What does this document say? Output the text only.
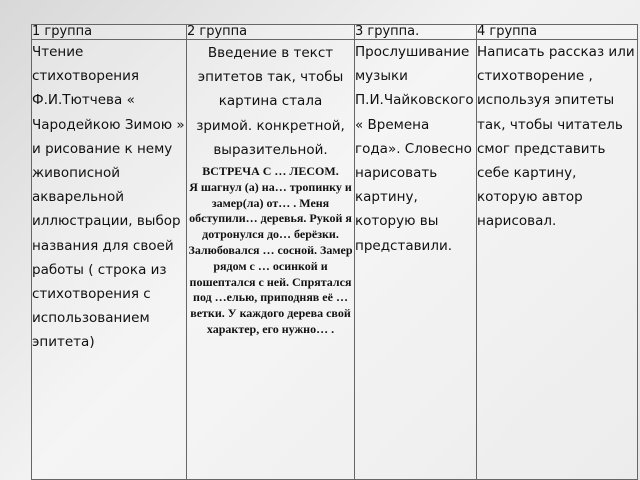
1 группа	2 группа	3 группа.	4 группа
Чтение стихотворения Ф.И.Тютчева « Чародейкою Зимою » и рисование к нему живописной акварельной иллюстрации, выбор названия для своей работы ( строка из стихотворения с использованием эпитета)	Введение в текст эпитетов так, чтобы картина стала зримой. конкретной, выразительной.
ВСТРЕЧА С … ЛЕСОМ.
Я шагнул (а) на… тропинку и замер(ла) от… . Меня обступили… деревья. Рукой я дотронулся до… берёзки. Залюбовался … сосной. Замер рядом с … осинкой и пошептался с ней. Спрятался под …елью, приподняв её … ветки. У каждого дерева свой характер, его нужно… .	Прослушивание музыки П.И.Чайковского « Времена года». Словесно нарисовать картину, которую вы представили.	Написать рассказ или стихотворение , используя эпитеты так, чтобы читатель смог представить себе картину, которую автор нарисовал.
